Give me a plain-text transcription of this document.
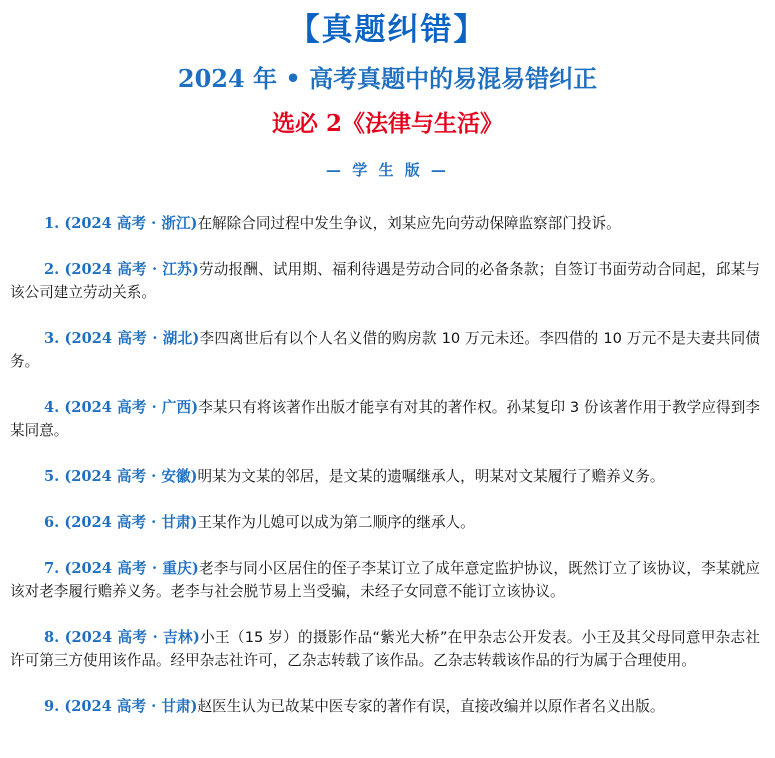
【真题纠错】
2024 年 • 高考真题中的易混易错纠正
选必 2《法律与生活》
— 学 生 版 —

1. (2024 高考 · 浙江)在解除合同过程中发生争议，刘某应先向劳动保障监察部门投诉。

2. (2024 高考 · 江苏)劳动报酬、试用期、福利待遇是劳动合同的必备条款；自签订书面劳动合同起，邱某与该公司建立劳动关系。

3. (2024 高考 · 湖北)李四离世后有以个人名义借的购房款 10 万元未还。李四借的 10 万元不是夫妻共同债务。

4. (2024 高考 · 广西)李某只有将该著作出版才能享有对其的著作权。孙某复印 3 份该著作用于教学应得到李某同意。

5. (2024 高考 · 安徽)明某为文某的邻居，是文某的遗嘱继承人，明某对文某履行了赡养义务。

6. (2024 高考 · 甘肃)王某作为儿媳可以成为第二顺序的继承人。

7. (2024 高考 · 重庆)老李与同小区居住的侄子李某订立了成年意定监护协议，既然订立了该协议，李某就应该对老李履行赡养义务。老李与社会脱节易上当受骗，未经子女同意不能订立该协议。

8. (2024 高考 · 吉林)小王（15 岁）的摄影作品“紫光大桥”在甲杂志公开发表。小王及其父母同意甲杂志社许可第三方使用该作品。经甲杂志社许可，乙杂志转载了该作品。乙杂志转载该作品的行为属于合理使用。

9. (2024 高考 · 甘肃)赵医生认为已故某中医专家的著作有误，直接改编并以原作者名义出版。
